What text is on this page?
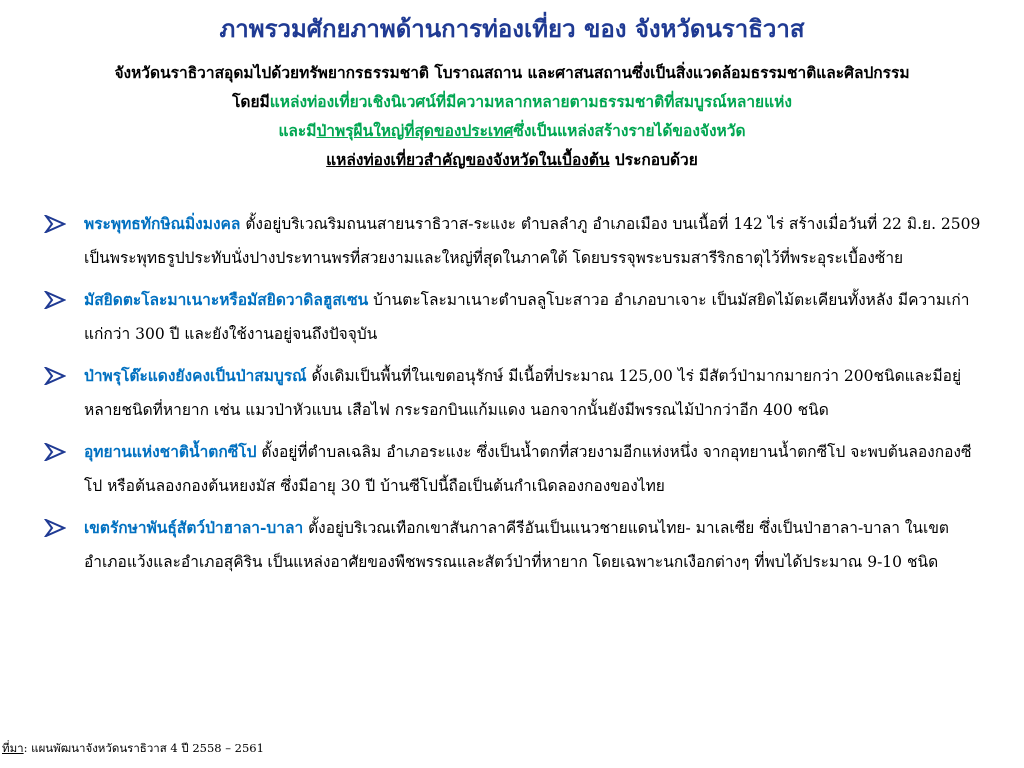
ภาพรวมศักยภาพด้านการท่องเที่ยว ของ จังหวัดนราธิวาส
จังหวัดนราธิวาสอุดมไปด้วยทรัพยากรธรรมชาติ โบราณสถาน และศาสนสถานซึ่งเป็นสิ่งแวดล้อมธรรมชาติและศิลปกรรม
โดยมีแหล่งท่องเที่ยวเชิงนิเวศน์ที่มีความหลากหลายตามธรรมชาติที่สมบูรณ์หลายแห่ง
และมีป่าพรุผืนใหญ่ที่สุดของประเทศซึ่งเป็นแหล่งสร้างรายได้ของจังหวัด
แหล่งท่องเที่ยวสำคัญของจังหวัดในเบื้องต้น ประกอบด้วย
พระพุทธทักษิณมิ่งมงคล ตั้งอยู่บริเวณริมถนนสายนราธิวาส-ระแงะ ตำบลลำภู อำเภอเมือง บนเนื้อที่ 142 ไร่ สร้างเมื่อวันที่ 22 มิ.ย. 2509 เป็นพระพุทธรูปประทับนั่งปางประทานพรที่สวยงามและใหญ่ที่สุดในภาคใต้ โดยบรรจุพระบรมสารีริกธาตุไว้ที่พระอุระเบื้องซ้าย
มัสยิดตะโละมาเนาะหรือมัสยิดวาดิลฮูสเซน บ้านตะโละมาเนาะตำบลลูโบะสาวอ อำเภอบาเจาะ เป็นมัสยิดไม้ตะเคียนทั้งหลัง มีความเก่าแก่กว่า 300 ปี และยังใช้งานอยู่จนถึงปัจจุบัน
ป่าพรุโต๊ะแดงยังคงเป็นป่าสมบูรณ์ ดั้งเดิมเป็นพื้นที่ในเขตอนุรักษ์ มีเนื้อที่ประมาณ 125,00 ไร่ มีสัตว์ป่ามากมายกว่า 200ชนิดและมีอยู่หลายชนิดที่หายาก เช่น แมวป่าหัวแบน เสือไฟ กระรอกบินแก้มแดง นอกจากนั้นยังมีพรรณไม้ป่ากว่าอีก 400 ชนิด
อุทยานแห่งชาติน้ำตกซีโป ตั้งอยู่ที่ตำบลเฉลิม อำเภอระแงะ ซึ่งเป็นน้ำตกที่สวยงามอีกแห่งหนึ่ง จากอุทยานน้ำตกซีโป จะพบต้นลองกองซีโป หรือต้นลองกองต้นหยงมัส ซึ่งมีอายุ 30 ปี บ้านซีโปนี้ถือเป็นต้นกำเนิดลองกองของไทย
เขตรักษาพันธุ์สัตว์ป่าฮาลา-บาลา ตั้งอยู่บริเวณเทือกเขาสันกาลาคีรีอันเป็นแนวชายแดนไทย- มาเลเซีย ซึ่งเป็นป่าฮาลา-บาลา ในเขตอำเภอแว้งและอำเภอสุคิริน เป็นแหล่งอาศัยของพืชพรรณและสัตว์ป่าที่หายาก โดยเฉพาะนกเงือกต่างๆ ที่พบได้ประมาณ 9-10 ชนิด
ที่มา: แผนพัฒนาจังหวัดนราธิวาส 4 ปี 2558 – 2561
